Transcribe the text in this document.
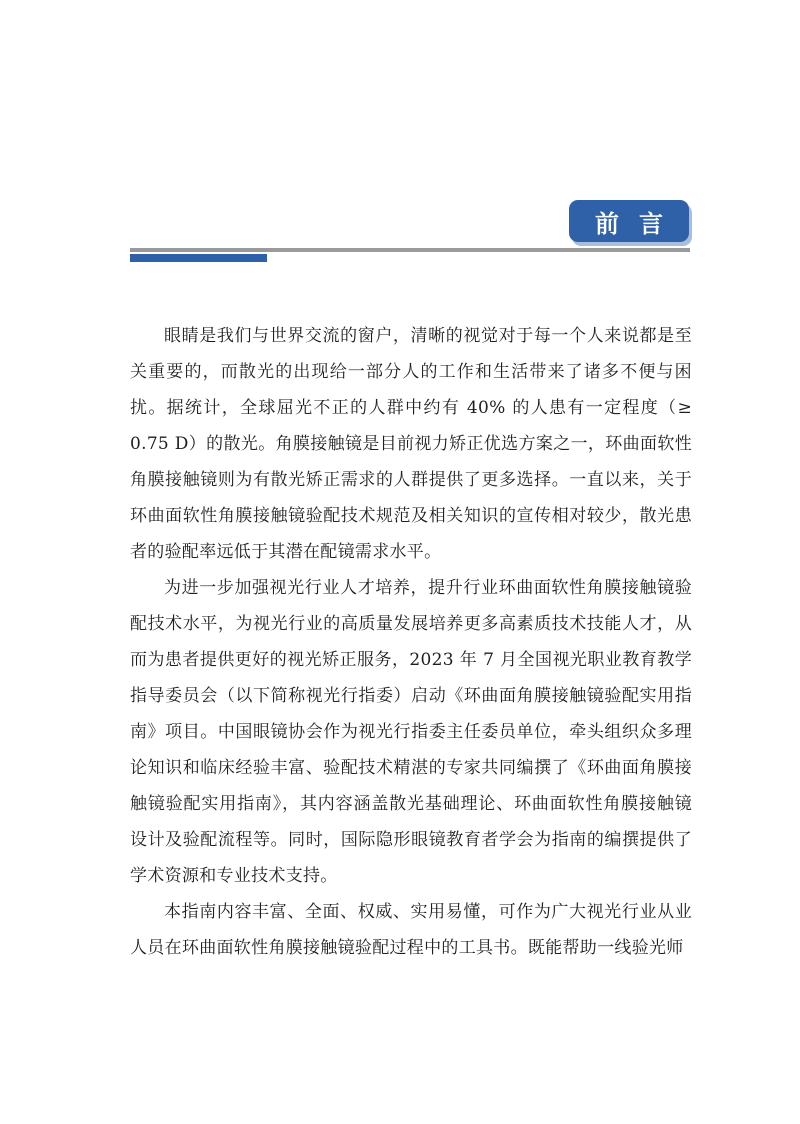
前言

眼睛是我们与世界交流的窗户，清晰的视觉对于每一个人来说都是至关重要的，而散光的出现给一部分人的工作和生活带来了诸多不便与困扰。据统计，全球屈光不正的人群中约有 40% 的人患有一定程度（≥ 0.75 D）的散光。角膜接触镜是目前视力矫正优选方案之一，环曲面软性角膜接触镜则为有散光矫正需求的人群提供了更多选择。一直以来，关于环曲面软性角膜接触镜验配技术规范及相关知识的宣传相对较少，散光患者的验配率远低于其潜在配镜需求水平。

为进一步加强视光行业人才培养，提升行业环曲面软性角膜接触镜验配技术水平，为视光行业的高质量发展培养更多高素质技术技能人才，从而为患者提供更好的视光矫正服务，2023 年 7 月全国视光职业教育教学指导委员会（以下简称视光行指委）启动《环曲面角膜接触镜验配实用指南》项目。中国眼镜协会作为视光行指委主任委员单位，牵头组织众多理论知识和临床经验丰富、验配技术精湛的专家共同编撰了《环曲面角膜接触镜验配实用指南》，其内容涵盖散光基础理论、环曲面软性角膜接触镜设计及验配流程等。同时，国际隐形眼镜教育者学会为指南的编撰提供了学术资源和专业技术支持。

本指南内容丰富、全面、权威、实用易懂，可作为广大视光行业从业人员在环曲面软性角膜接触镜验配过程中的工具书。既能帮助一线验光师
